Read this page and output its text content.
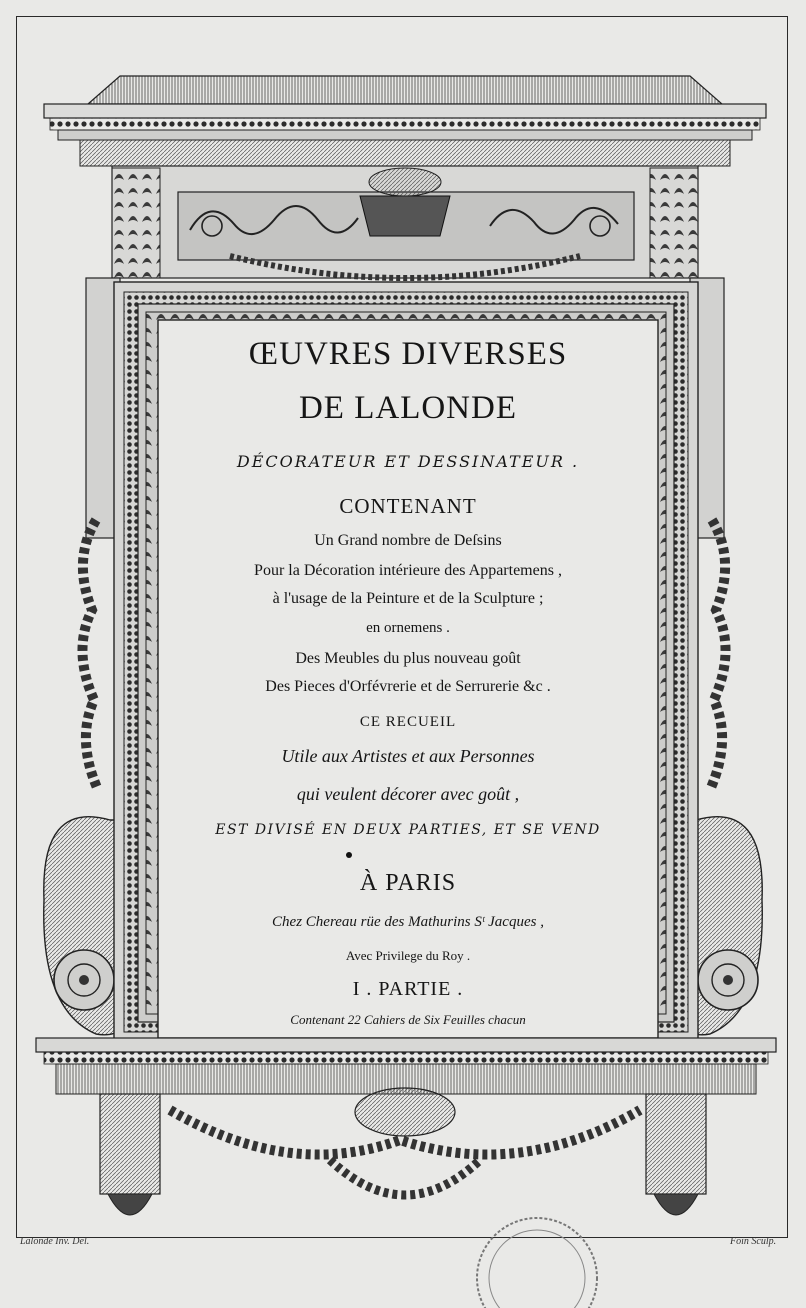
ŒUVRES DIVERSES
DE LALONDE
DÉCORATEUR ET DESSINATEUR .
CONTENANT
Un Grand nombre de Deſsins
Pour la Décoration intérieure des Appartemens ,
à l'usage de la Peinture et de la Sculpture ;
en ornemens .
Des Meubles du plus nouveau goût
Des Pieces d'Orfévrerie et de Serrurerie &c .
CE RECUEIL
Utile aux Artistes et aux Personnes
qui veulent décorer avec goût ,
EST DIVISÉ EN DEUX PARTIES, ET SE VEND
À PARIS
Chez Chereau rüe des Mathurins Sᵗ Jacques ,
Avec Privilege du Roy .
I . PARTIE .
Contenant 22 Cahiers de Six Feuilles chacun
Lalonde Inv. Del.	Foin Sculp.
